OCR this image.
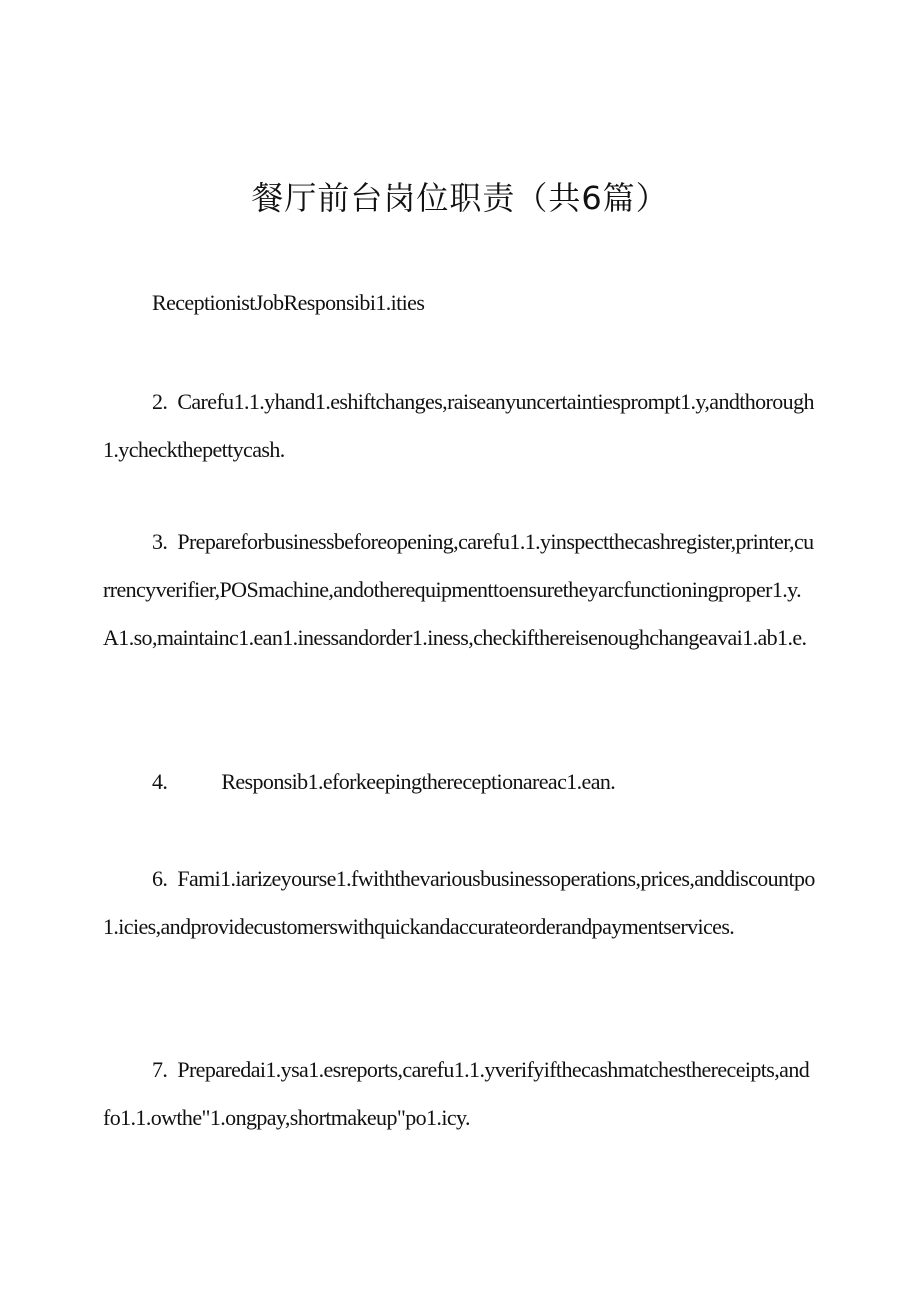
餐厅前台岗位职责（共6篇）
ReceptionistJobResponsibi1.ities
2. Carefu1.1.yhand1.eshiftchanges,raiseanyuncertaintiesprompt1.y,andthorough1.ycheckthepettycash.
3. Prepareforbusinessbeforeopening,carefu1.1.yinspectthecashregister,printer,currencyverifier,POSmachine,andotherequipmenttoensuretheyarcfunctioningproper1.y.A1.so,maintainc1.ean1.inessandorder1.iness,checkifthereisenoughchangeavai1.ab1.e.
4. Responsib1.eforkeepingthereceptionareac1.ean.
6. Fami1.iarizeyourse1.fwiththevariousbusinessoperations,prices,anddiscountpo1.icies,andprovidecustomerswithquickandaccurateorderandpaymentservices.
7. Preparedai1.ysa1.esreports,carefu1.1.yverifyifthecashmatchesthereceipts,andfo1.1.owthe"1.ongpay,shortmakeup"po1.icy.
